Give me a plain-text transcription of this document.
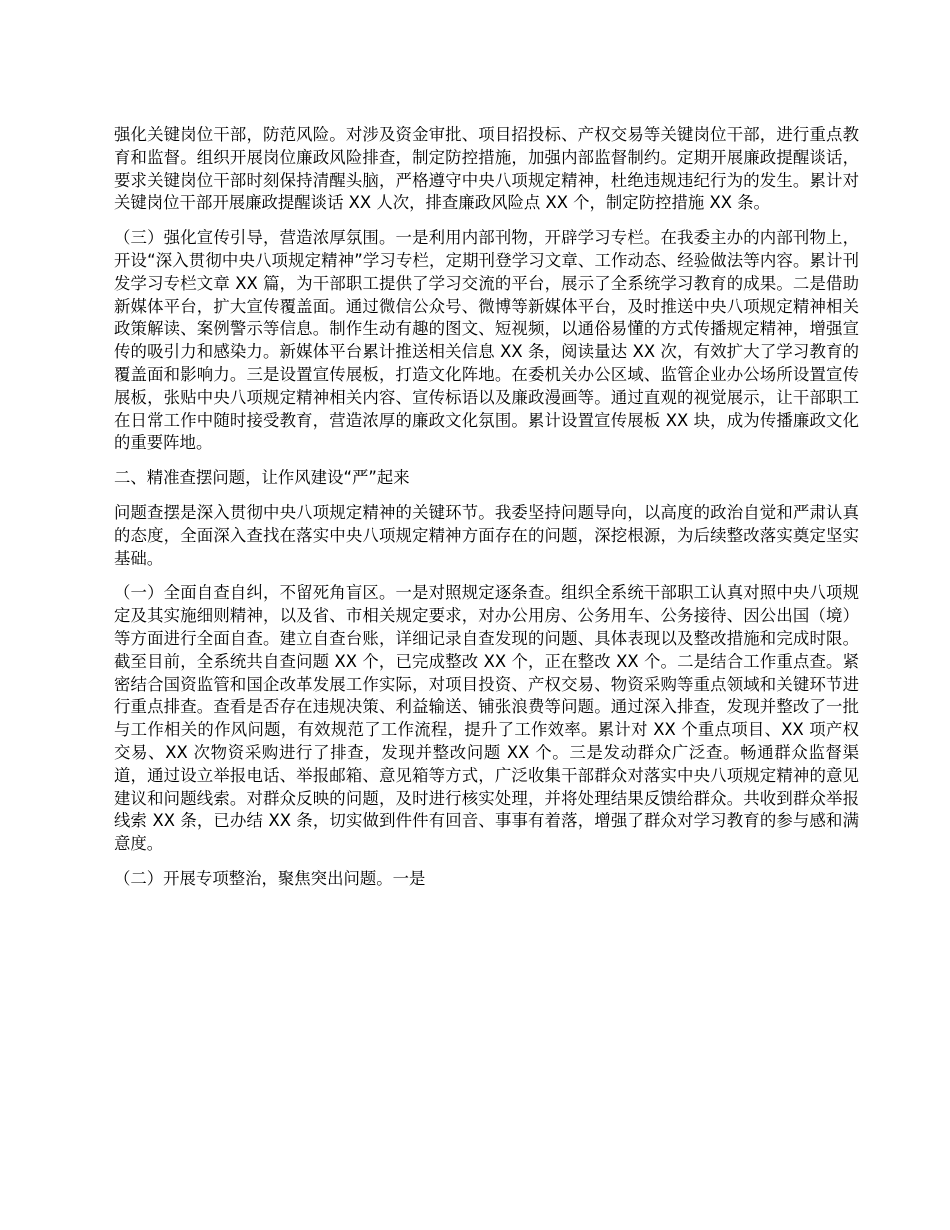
强化关键岗位干部，防范风险。对涉及资金审批、项目招投标、产权交易等关键岗位干部，进行重点教育和监督。组织开展岗位廉政风险排查，制定防控措施，加强内部监督制约。定期开展廉政提醒谈话，要求关键岗位干部时刻保持清醒头脑，严格遵守中央八项规定精神，杜绝违规违纪行为的发生。累计对关键岗位干部开展廉政提醒谈话 XX 人次，排查廉政风险点 XX 个，制定防控措施 XX 条。

（三）强化宣传引导，营造浓厚氛围。一是利用内部刊物，开辟学习专栏。在我委主办的内部刊物上，开设“深入贯彻中央八项规定精神”学习专栏，定期刊登学习文章、工作动态、经验做法等内容。累计刊发学习专栏文章 XX 篇，为干部职工提供了学习交流的平台，展示了全系统学习教育的成果。二是借助新媒体平台，扩大宣传覆盖面。通过微信公众号、微博等新媒体平台，及时推送中央八项规定精神相关政策解读、案例警示等信息。制作生动有趣的图文、短视频，以通俗易懂的方式传播规定精神，增强宣传的吸引力和感染力。新媒体平台累计推送相关信息 XX 条，阅读量达 XX 次，有效扩大了学习教育的覆盖面和影响力。三是设置宣传展板，打造文化阵地。在委机关办公区域、监管企业办公场所设置宣传展板，张贴中央八项规定精神相关内容、宣传标语以及廉政漫画等。通过直观的视觉展示，让干部职工在日常工作中随时接受教育，营造浓厚的廉政文化氛围。累计设置宣传展板 XX 块，成为传播廉政文化的重要阵地。

二、精准查摆问题，让作风建设“严”起来

问题查摆是深入贯彻中央八项规定精神的关键环节。我委坚持问题导向，以高度的政治自觉和严肃认真的态度，全面深入查找在落实中央八项规定精神方面存在的问题，深挖根源，为后续整改落实奠定坚实基础。

（一）全面自查自纠，不留死角盲区。一是对照规定逐条查。组织全系统干部职工认真对照中央八项规定及其实施细则精神，以及省、市相关规定要求，对办公用房、公务用车、公务接待、因公出国（境）等方面进行全面自查。建立自查台账，详细记录自查发现的问题、具体表现以及整改措施和完成时限。截至目前，全系统共自查问题 XX 个，已完成整改 XX 个，正在整改 XX 个。二是结合工作重点查。紧密结合国资监管和国企改革发展工作实际，对项目投资、产权交易、物资采购等重点领域和关键环节进行重点排查。查看是否存在违规决策、利益输送、铺张浪费等问题。通过深入排查，发现并整改了一批与工作相关的作风问题，有效规范了工作流程，提升了工作效率。累计对 XX 个重点项目、XX 项产权交易、XX 次物资采购进行了排查，发现并整改问题 XX 个。三是发动群众广泛查。畅通群众监督渠道，通过设立举报电话、举报邮箱、意见箱等方式，广泛收集干部群众对落实中央八项规定精神的意见建议和问题线索。对群众反映的问题，及时进行核实处理，并将处理结果反馈给群众。共收到群众举报线索 XX 条，已办结 XX 条，切实做到件件有回音、事事有着落，增强了群众对学习教育的参与感和满意度。

（二）开展专项整治，聚焦突出问题。一是
